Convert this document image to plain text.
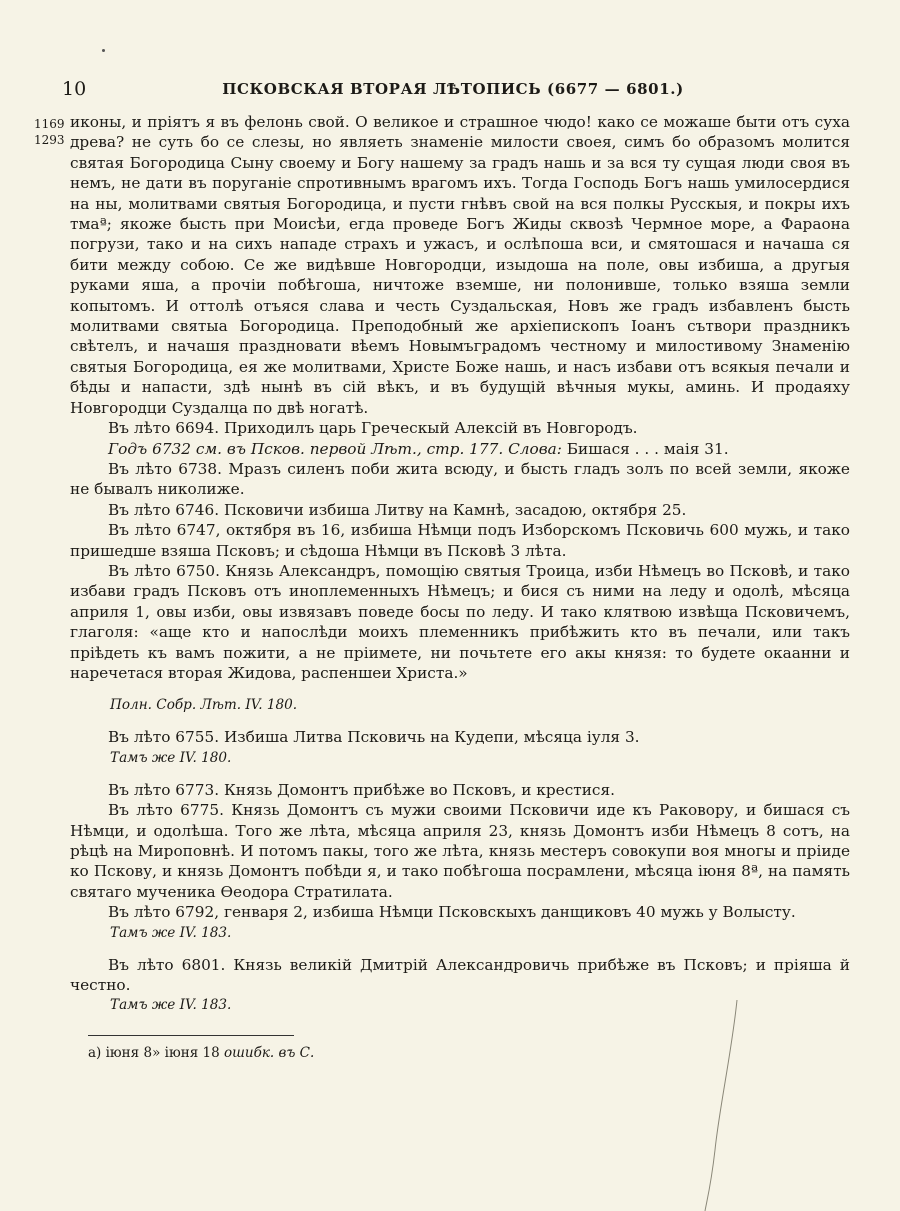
10	ПСКОВСКАЯ ВТОРАЯ ЛѢТОПИСЬ (6677 — 6801.)
1169
1293

иконы, и пріятъ я въ фелонь свой. О великое и страшное чюдо! како се можаше быти отъ суха древа? не суть бо се слезы, но являеть знаменіе милости своея, симъ бо образомъ молится святая Богородица Сыну своему и Богу нашему за градъ нашь и за вся ту сущая люди своя въ немъ, не дати въ поруганіе спротивнымъ врагомъ ихъ. Тогда Господь Богъ нашь умилосердися на ны, молитвами святыя Богородица, и пусти гнѣвъ свой на вся полкы Русскыя, и покры ихъ тмаª; якоже бысть при Моисѣи, егда проведе Богъ Жиды сквозѣ Чермное море, а Фараона погрузи, тако и на сихъ нападе страхъ и ужасъ, и ослѣпоша вси, и смятошася и начаша ся бити между собою. Се же видѣвше Новгородци, изыдоша на поле, овы избиша, а другыя руками яша, а прочіи побѣгоша, ничтоже вземше, ни полонивше, только взяша земли копытомъ. И оттолѣ отъяся слава и честь Суздальская, Новъ же градъ избавленъ бысть молитвами святыа Богородица. Преподобный же архіепископъ Іоанъ сътвори праздникъ свѣтелъ, и начашя праздновати вѣемъ Новымъградомъ честному и милостивому Знаменію святыя Богородица, ея же молитвами, Христе Боже нашь, и насъ избави отъ всякыя печали и бѣды и напасти, здѣ нынѣ въ сій вѣкъ, и въ будущій вѣчныя мукы, аминь. И продаяху Новгородци Суздалца по двѣ ногатѣ.

Въ лѣто 6694. Приходилъ царь Греческый Алексій въ Новгородъ.

Годъ 6732 см. въ Псков. первой Лѣт., стр. 177. Слова: Бишася . . . маія 31.

Въ лѣто 6738. Мразъ силенъ поби жита всюду, и бысть гладъ золъ по всей земли, якоже не бывалъ николиже.

Въ лѣто 6746. Псковичи избиша Литву на Камнѣ, засадою, октября 25.

Въ лѣто 6747, октября въ 16, избиша Нѣмци подъ Изборскомъ Псковичь 600 мужь, и тако пришедше взяша Псковъ; и сѣдоша Нѣмци въ Псковѣ 3 лѣта.

Въ лѣто 6750. Князь Александръ, помощію святыя Троица, изби Нѣмецъ во Псковѣ, и тако избави градъ Псковъ отъ иноплеменныхъ Нѣмецъ; и бися съ ними на леду и одолѣ, мѣсяца априля 1, овы изби, овы извязавъ поведе босы по леду. И тако клятвою извѣща Псковичемъ, глаголя: «аще кто и напослѣди моихъ племенникъ прибѣжить кто въ печали, или такъ пріѣдеть къ вамъ пожити, а не пріимете, ни почьтете его акы князя: то будете окаанни и наречетася вторая Жидова, распеншеи Христа.»

Полн. Собр. Лѣт. IV. 180.

Въ лѣто 6755. Избиша Литва Псковичь на Кудепи, мѣсяца іуля 3.

Тамъ же IV. 180.

Въ лѣто 6773. Князь Домонтъ прибѣже во Псковъ, и крестися.

Въ лѣто 6775. Князь Домонтъ съ мужи своими Псковичи иде къ Раковору, и бишася съ Нѣмци, и одолѣша. Того же лѣта, мѣсяца априля 23, князь Домонтъ изби Нѣмецъ 8 сотъ, на рѣцѣ на Мироповнѣ. И потомъ пакы, того же лѣта, князь местеръ совокупи воя многы и пріиде ко Пскову, и князь Домонтъ побѣди я, и тако побѣгоша посрамлени, мѣсяца іюня 8ª, на память святаго мученика Ѳеодора Стратилата.

Въ лѣто 6792, генваря 2, избиша Нѣмци Псковскыхъ данщиковъ 40 мужь у Волысту.

Тамъ же IV. 183.

Въ лѣто 6801. Князь великій Дмитрій Александровичь прибѣже въ Псковъ; и пріяша й честно.

Тамъ же IV. 183.

а) іюня 8» іюня 18 ошибк. въ С.
